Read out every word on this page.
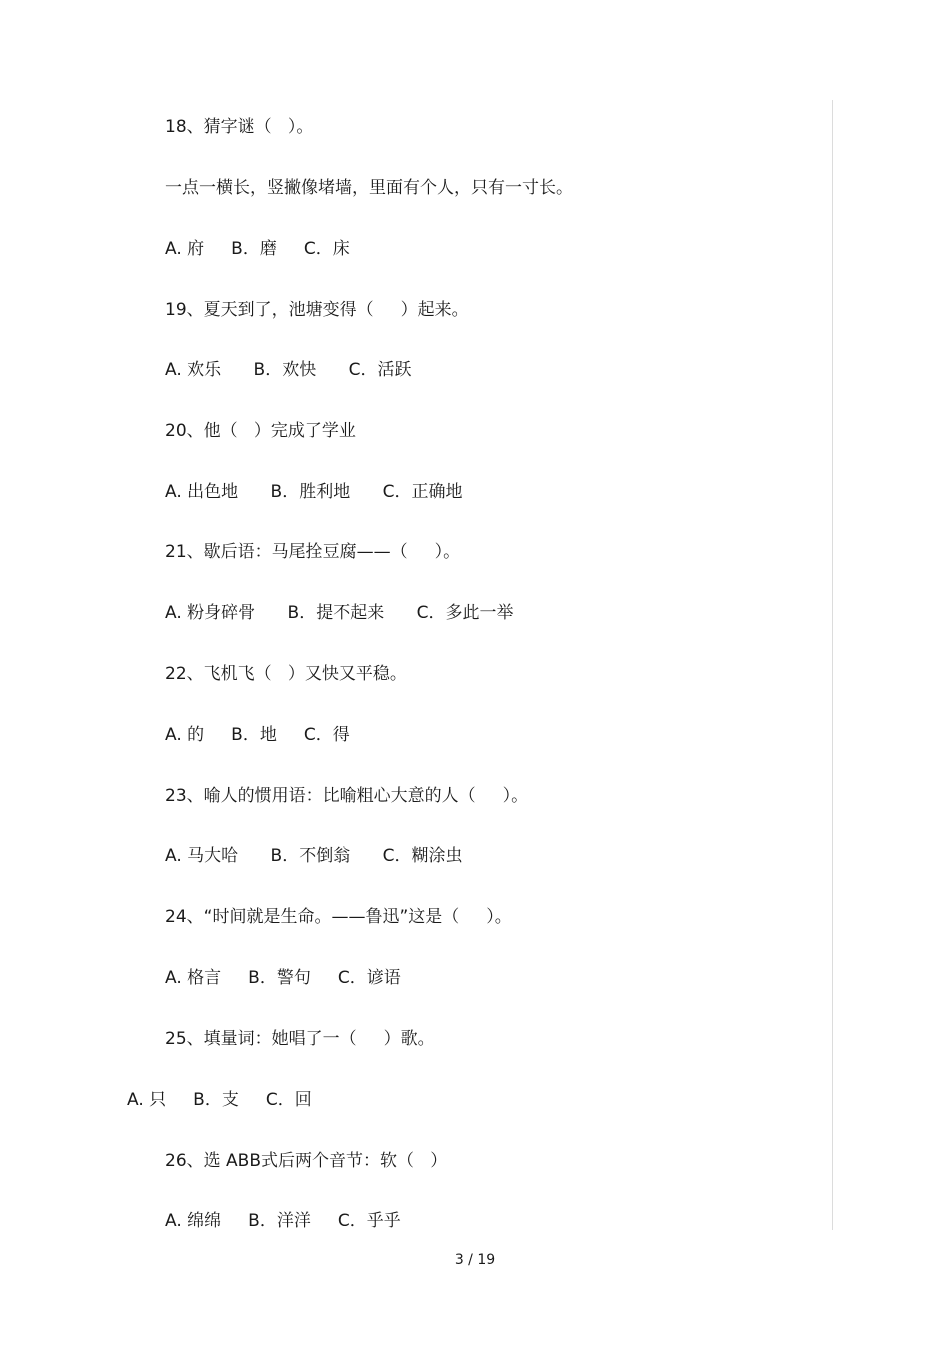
18、猜字谜（   ）。
一点一横长，竖撇像堵墙，里面有个人，只有一寸长。
A. 府     B．磨     C．床
19、夏天到了，池塘变得（     ）起来。
A. 欢乐      B．欢快      C．活跃
20、他（   ）完成了学业
A. 出色地      B．胜利地      C．正确地
21、歇后语：马尾拴豆腐——（     ）。
A. 粉身碎骨      B．提不起来      C．多此一举
22、飞机飞（   ）又快又平稳。
A. 的     B．地     C．得
23、喻人的惯用语：比喻粗心大意的人（     ）。
A. 马大哈      B．不倒翁      C．糊涂虫
24、“时间就是生命。——鲁迅”这是（     ）。
A. 格言     B．警句     C．谚语
25、填量词：她唱了一（     ）歌。
A. 只     B．支     C．回
26、选 ABB式后两个音节：软（   ）
A. 绵绵     B．洋洋     C．乎乎
3 / 19
